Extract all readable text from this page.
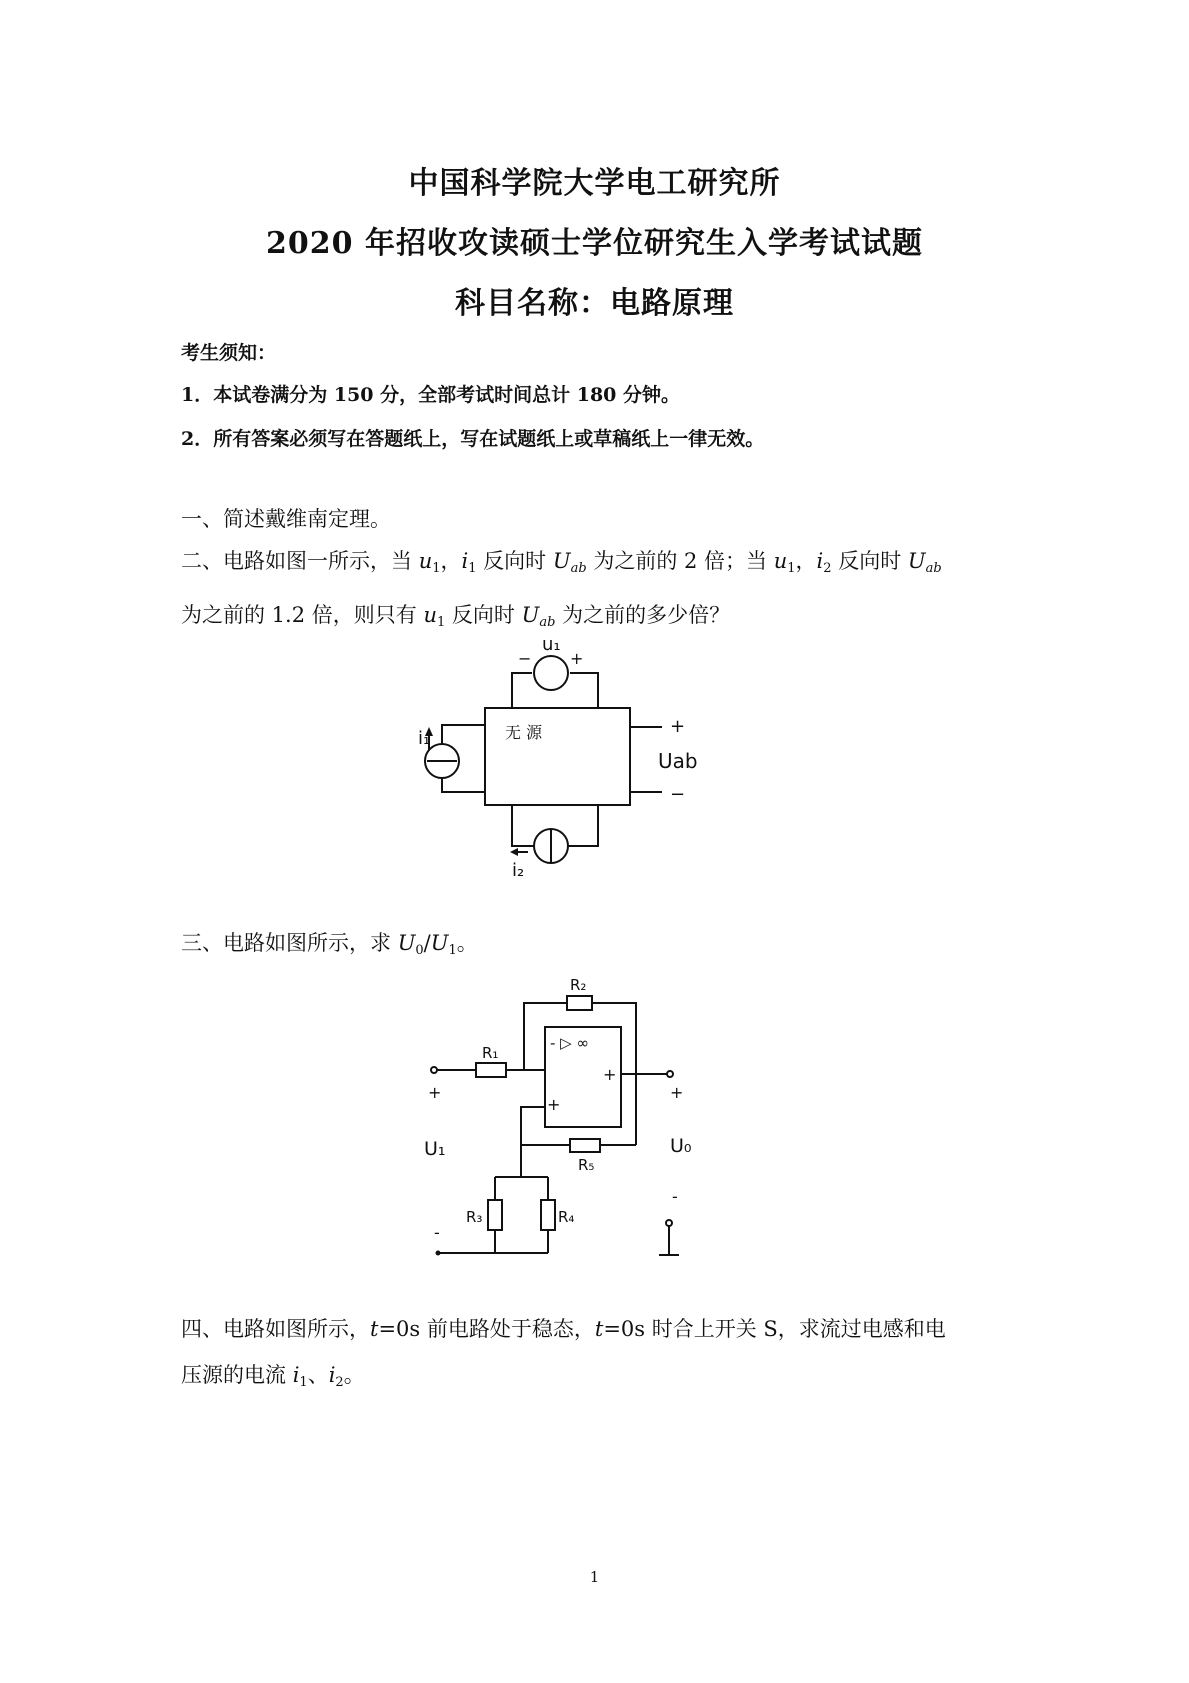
中国科学院大学电工研究所
2020 年招收攻读硕士学位研究生入学考试试题
科目名称：电路原理
考生须知：
1．本试卷满分为 150 分，全部考试时间总计 180 分钟。
2．所有答案必须写在答题纸上，写在试题纸上或草稿纸上一律无效。
一、简述戴维南定理。
二、电路如图一所示，当 $u_1$，$i_1$ 反向时 $U_{ab}$ 为之前的 2 倍；当 $u_1$，$i_2$ 反向时 $U_{ab}$
为之前的 1.2 倍，则只有 $u_1$ 反向时 $U_{ab}$ 为之前的多少倍？
u₁
− +
i₁	无 源	+
−
Uab
i₂
三、电路如图所示，求 $U_0/U_1$。
R₁
R₂
R₃	R₄
R₅
- ▷ ∞
+
+
U₁	U₀
+
-
+
-
四、电路如图所示，t=0s 前电路处于稳态，t=0s 时合上开关 S，求流过电感和电
压源的电流 $i_1$、$i_2$。
1
